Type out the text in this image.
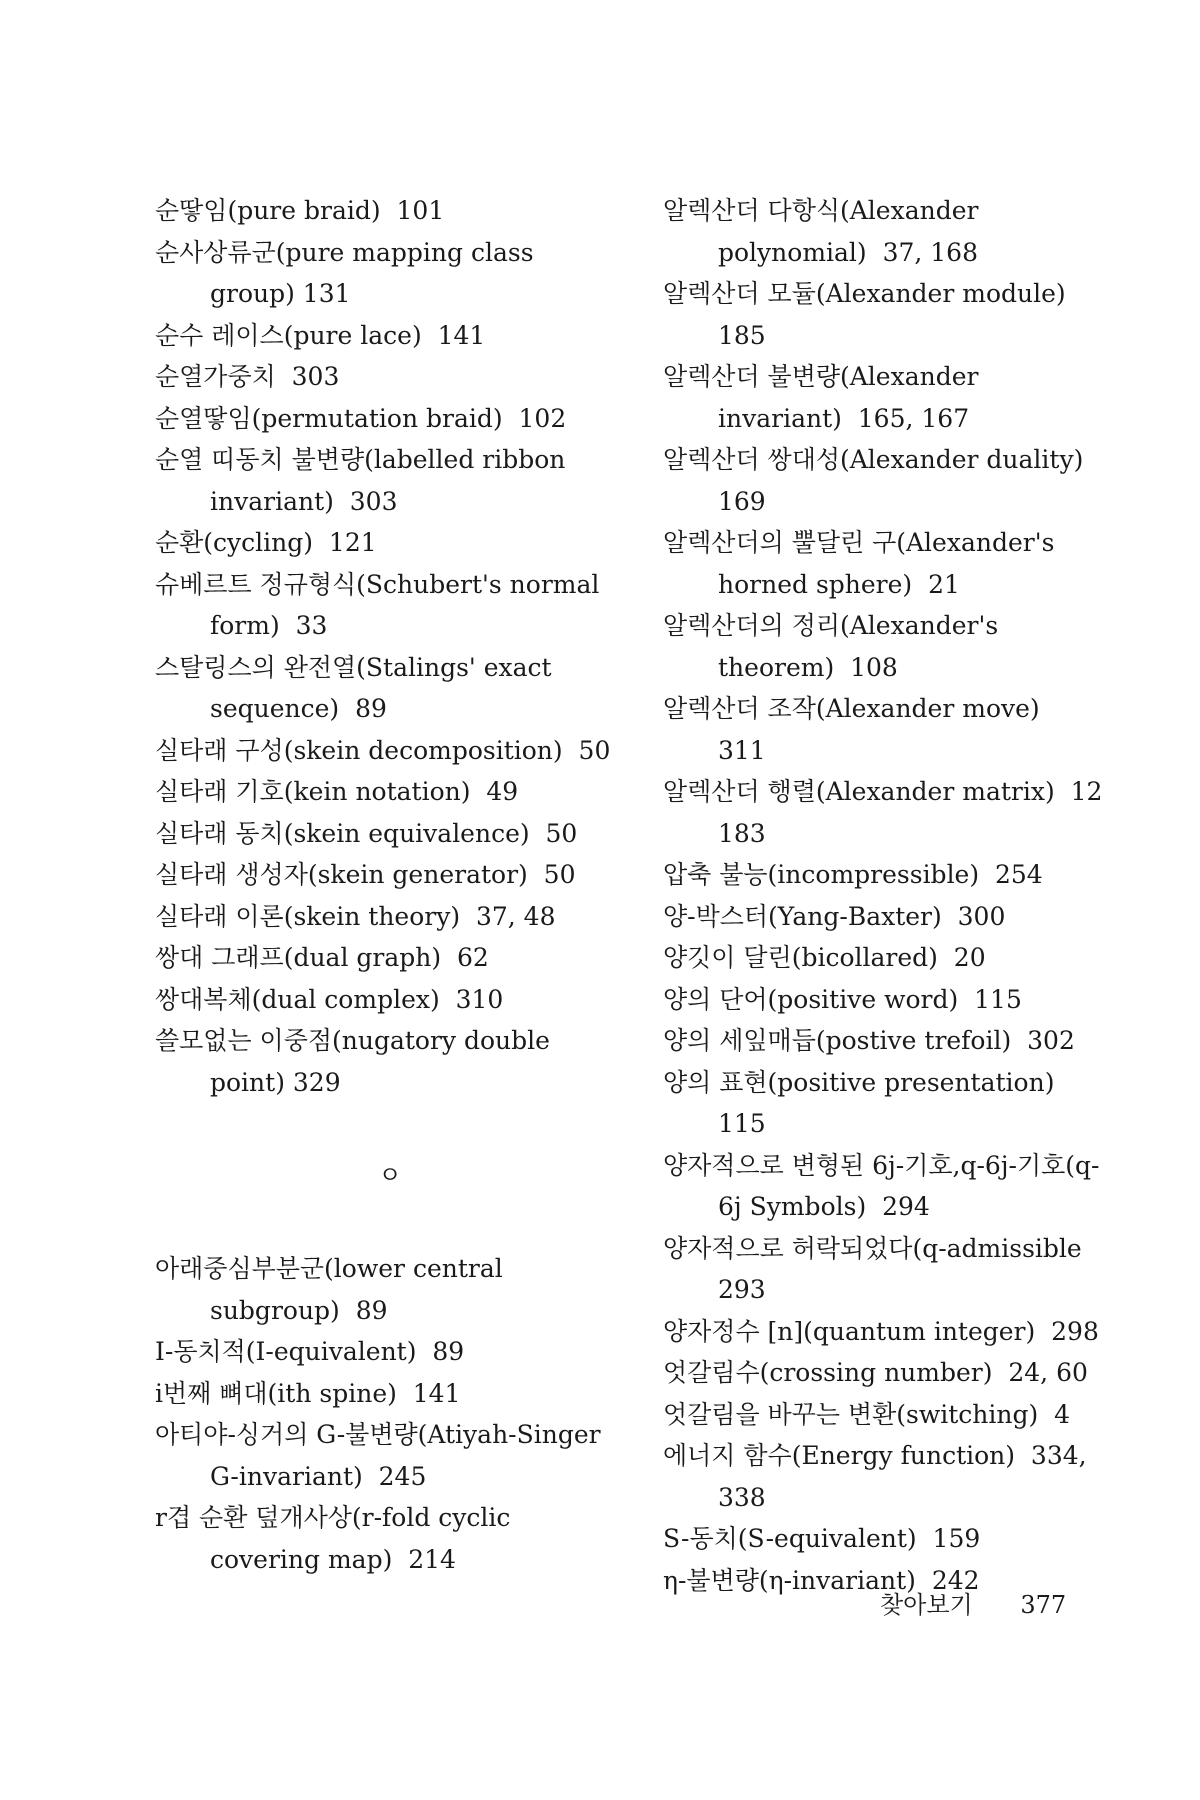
순땋임(pure braid)  101
순사상류군(pure mapping class group) 131
순수 레이스(pure lace)  141
순열가중치  303
순열땋임(permutation braid)  102
순열 띠동치 불변량(labelled ribbon invariant)  303
순환(cycling)  121
슈베르트 정규형식(Schubert's normal form)  33
스탈링스의 완전열(Stalings' exact sequence)  89
실타래 구성(skein decomposition)  50
실타래 기호(kein notation)  49
실타래 동치(skein equivalence)  50
실타래 생성자(skein generator)  50
실타래 이론(skein theory)  37, 48
쌍대 그래프(dual graph)  62
쌍대복체(dual complex)  310
쓸모없는 이중점(nugatory double point) 329
ㅇ
아래중심부분군(lower central subgroup)  89
I-동치적(I-equivalent)  89
i번째 뼈대(ith spine)  141
아티야-싱거의 G-불변량(Atiyah-Singer G-invariant)  245
r겹 순환 덮개사상(r-fold cyclic covering map)  214
알렉산더 다항식(Alexander polynomial)  37, 168
알렉산더 모듈(Alexander module) 185
알렉산더 불변량(Alexander invariant)  165, 167
알렉산더 쌍대성(Alexander duality) 169
알렉산더의 뿔달린 구(Alexander's horned sphere)  21
알렉산더의 정리(Alexander's theorem)  108
알렉산더 조작(Alexander move)  311
알렉산더 행렬(Alexander matrix)  12 183
압축 불능(incompressible)  254
양-박스터(Yang-Baxter)  300
양깃이 달린(bicollared)  20
양의 단어(positive word)  115
양의 세잎매듭(postive trefoil)  302
양의 표현(positive presentation)  115
양자적으로 변형된 6j-기호,q-6j-기호(q-6j Symbols)  294
양자적으로 허락되었다(q-admissible 293
양자정수 [n](quantum integer)  298
엇갈림수(crossing number)  24, 60
엇갈림을 바꾸는 변환(switching)  4
에너지 함수(Energy function)  334, 338
S-동치(S-equivalent)  159
η-불변량(η-invariant)  242
찾아보기 377
